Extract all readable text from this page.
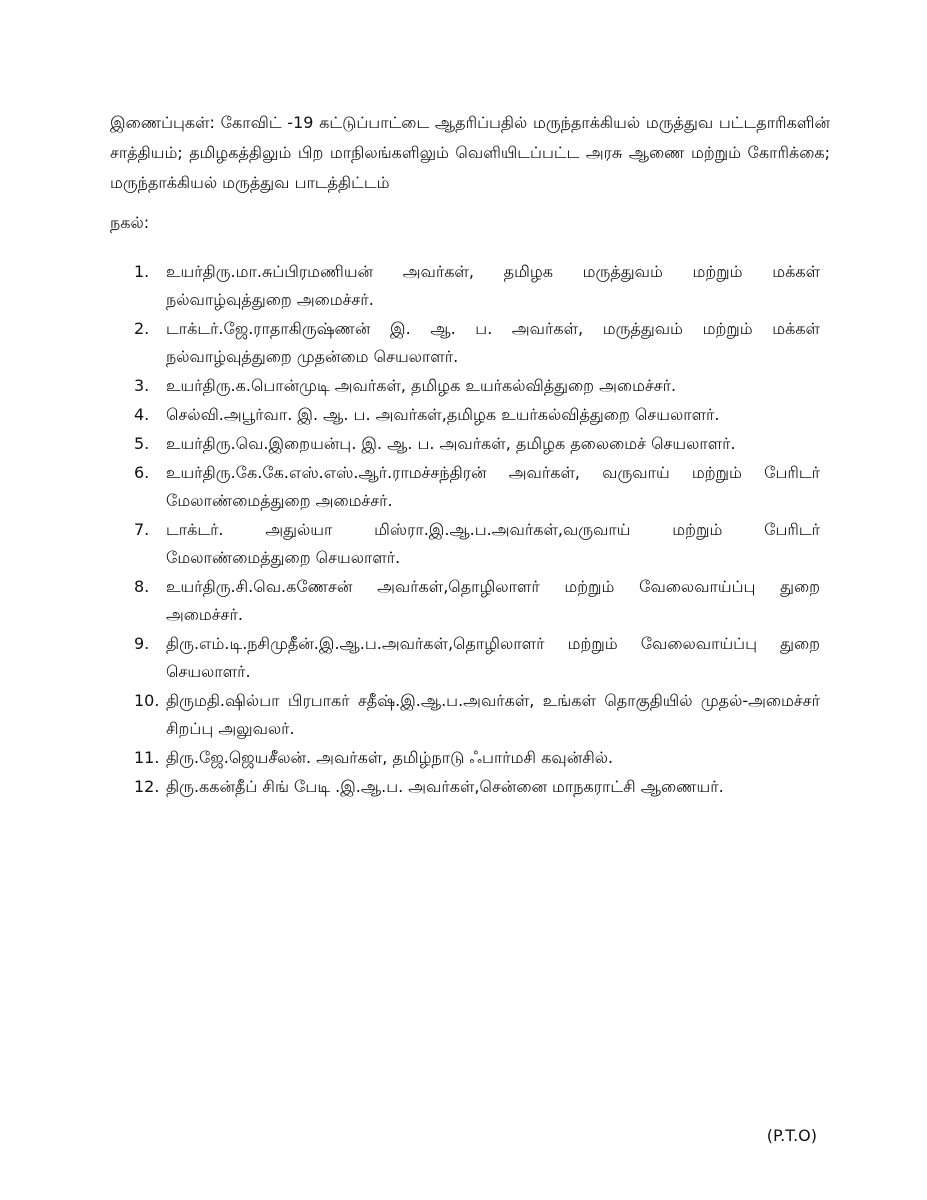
இணைப்புகள்: கோவிட் -19 கட்டுப்பாட்டை ஆதரிப்பதில் மருந்தாக்கியல் மருத்துவ பட்டதாரிகளின் சாத்தியம்; தமிழகத்திலும் பிற மாநிலங்களிலும் வெளியிடப்பட்ட அரசு ஆணை மற்றும் கோரிக்கை; மருந்தாக்கியல் மருத்துவ பாடத்திட்டம்
நகல்:
1.	உயர்திரு.மா.சுப்பிரமணியன் அவர்கள், தமிழக மருத்துவம் மற்றும் மக்கள் நல்வாழ்வுத்துறை அமைச்சர்.
2.	டாக்டர்.ஜே.ராதாகிருஷ்ணன் இ. ஆ. ப. அவர்கள், மருத்துவம் மற்றும் மக்கள் நல்வாழ்வுத்துறை முதன்மை செயலாளர்.
3.	உயர்திரு.க.பொன்முடி அவர்கள், தமிழக உயர்கல்வித்துறை அமைச்சர்.
4.	செல்வி.அபூர்வா. இ. ஆ. ப. அவர்கள்,தமிழக உயர்கல்வித்துறை செயலாளர்.
5.	உயர்திரு.வெ.இறையன்பு. இ. ஆ. ப. அவர்கள், தமிழக தலைமைச் செயலாளர்.
6.	உயர்திரு.கே.கே.எஸ்.எஸ்.ஆர்.ராமச்சந்திரன் அவர்கள், வருவாய் மற்றும் பேரிடர் மேலாண்மைத்துறை அமைச்சர்.
7.	டாக்டர். அதுல்யா மிஸ்ரா.இ.ஆ.ப.அவர்கள்,வருவாய் மற்றும் பேரிடர் மேலாண்மைத்துறை செயலாளர்.
8.	உயர்திரு.சி.வெ.கணேசன் அவர்கள்,தொழிலாளர் மற்றும் வேலைவாய்ப்பு துறை அமைச்சர்.
9.	திரு.எம்.டி.நசிமுதீன்.இ.ஆ.ப.அவர்கள்,தொழிலாளர் மற்றும் வேலைவாய்ப்பு துறை செயலாளர்.
10. திருமதி.ஷில்பா பிரபாகர் சதீஷ்.இ.ஆ.ப.அவர்கள், உங்கள் தொகுதியில் முதல்-அமைச்சர் சிறப்பு அலுவலர்.
11. திரு.ஜே.ஜெயசீலன். அவர்கள், தமிழ்நாடு ஃபார்மசி கவுன்சில்.
12. திரு.ககன்தீப் சிங் பேடி .இ.ஆ.ப. அவர்கள்,சென்னை மாநகராட்சி ஆணையர்.
(P.T.O)
